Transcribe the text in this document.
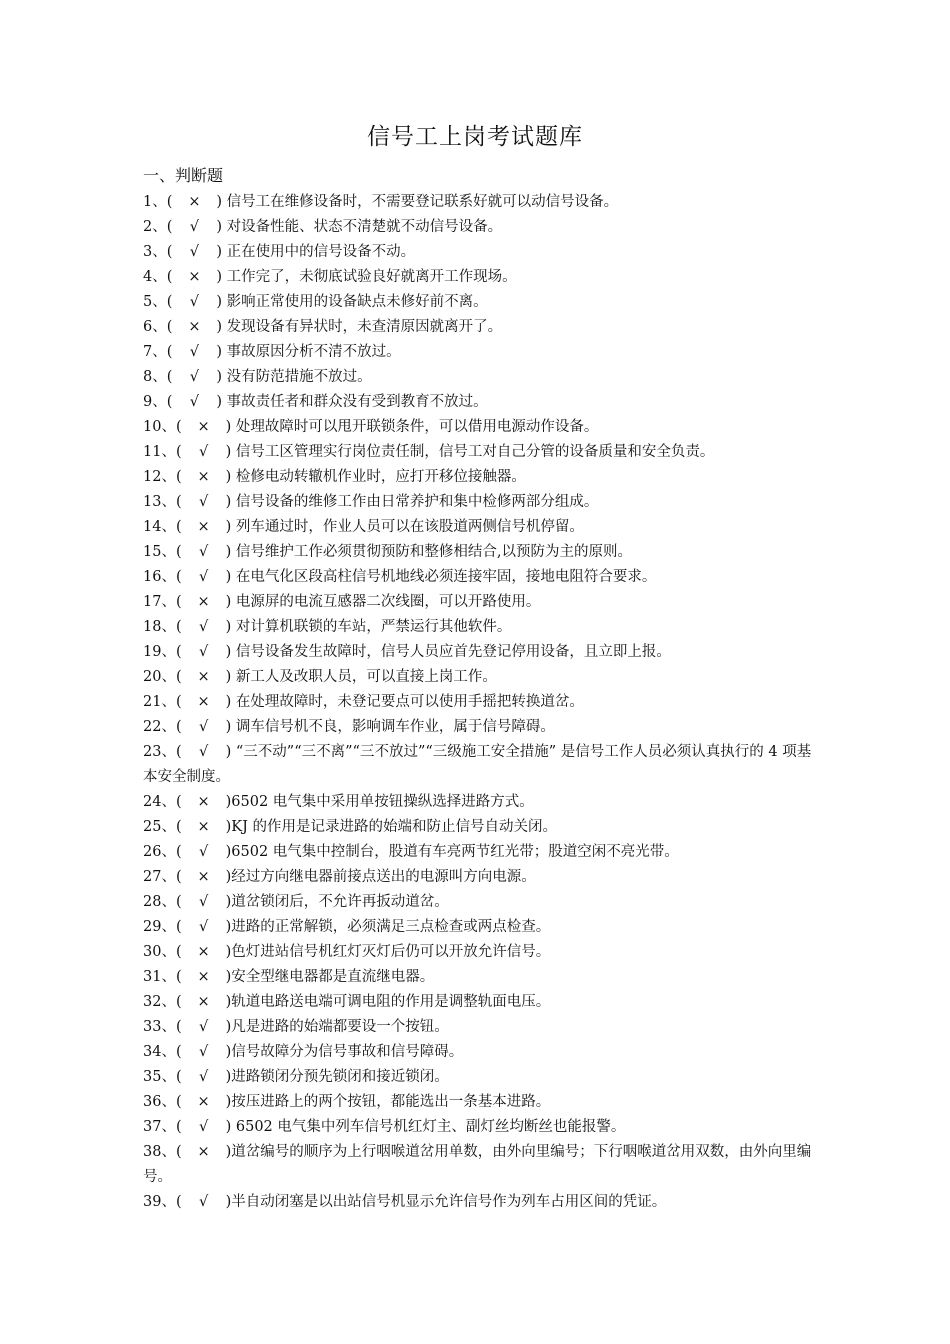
信号工上岗考试题库
一、判断题
1、( × ) 信号工在维修设备时，不需要登记联系好就可以动信号设备。
2、( √ ) 对设备性能、状态不清楚就不动信号设备。
3、( √ ) 正在使用中的信号设备不动。
4、( × ) 工作完了，未彻底试验良好就离开工作现场。
5、( √ ) 影响正常使用的设备缺点未修好前不离。
6、( × ) 发现设备有异状时，未查清原因就离开了。
7、( √ ) 事故原因分析不清不放过。
8、( √ ) 没有防范措施不放过。
9、( √ ) 事故责任者和群众没有受到教育不放过。
10、( × ) 处理故障时可以甩开联锁条件，可以借用电源动作设备。
11、( √ ) 信号工区管理实行岗位责任制，信号工对自己分管的设备质量和安全负责。
12、( × ) 检修电动转辙机作业时，应打开移位接触器。
13、( √ ) 信号设备的维修工作由日常养护和集中检修两部分组成。
14、( × ) 列车通过时，作业人员可以在该股道两侧信号机停留。
15、( √ ) 信号维护工作必须贯彻预防和整修相结合,以预防为主的原则。
16、( √ ) 在电气化区段高柱信号机地线必须连接牢固，接地电阻符合要求。
17、( × ) 电源屏的电流互感器二次线圈，可以开路使用。
18、( √ ) 对计算机联锁的车站，严禁运行其他软件。
19、( √ ) 信号设备发生故障时，信号人员应首先登记停用设备，且立即上报。
20、( × ) 新工人及改职人员，可以直接上岗工作。
21、( × ) 在处理故障时，未登记要点可以使用手摇把转换道岔。
22、( √ ) 调车信号机不良，影响调车作业，属于信号障碍。
23、( √ ) “三不动”“三不离”“三不放过”“三级施工安全措施” 是信号工作人员必须认真执行的 4 项基本安全制度。
24、( × )6502 电气集中采用单按钮操纵选择进路方式。
25、( × )KJ 的作用是记录进路的始端和防止信号自动关闭。
26、( √ )6502 电气集中控制台，股道有车亮两节红光带；股道空闲不亮光带。
27、( × )经过方向继电器前接点送出的电源叫方向电源。
28、( √ )道岔锁闭后，不允许再扳动道岔。
29、( √ )进路的正常解锁，必须满足三点检查或两点检查。
30、( × )色灯进站信号机红灯灭灯后仍可以开放允许信号。
31、( × )安全型继电器都是直流继电器。
32、( × )轨道电路送电端可调电阻的作用是调整轨面电压。
33、( √ )凡是进路的始端都要设一个按钮。
34、( √ )信号故障分为信号事故和信号障碍。
35、( √ )进路锁闭分预先锁闭和接近锁闭。
36、( × )按压进路上的两个按钮，都能选出一条基本进路。
37、( √ ) 6502 电气集中列车信号机红灯主、副灯丝均断丝也能报警。
38、( × )道岔编号的顺序为上行咽喉道岔用单数，由外向里编号；下行咽喉道岔用双数，由外向里编号。
39、( √ )半自动闭塞是以出站信号机显示允许信号作为列车占用区间的凭证。
